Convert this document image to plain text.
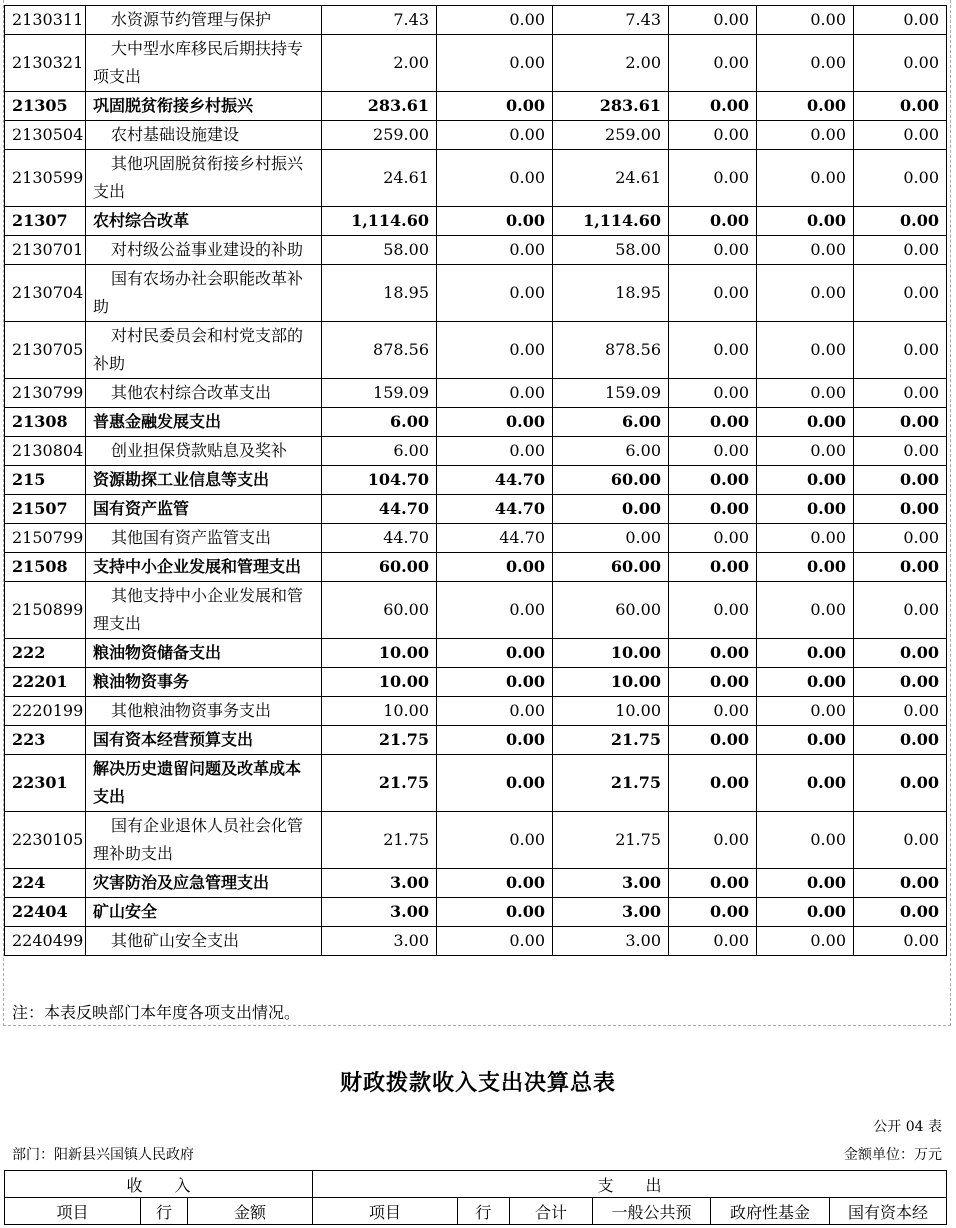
2130311	水资源节约管理与保护	7.43	0.00	7.43	0.00	0.00	0.00
2130321	大中型水库移民后期扶持专项支出	2.00	0.00	2.00	0.00	0.00	0.00
21305	巩固脱贫衔接乡村振兴	283.61	0.00	283.61	0.00	0.00	0.00
2130504	农村基础设施建设	259.00	0.00	259.00	0.00	0.00	0.00
2130599	其他巩固脱贫衔接乡村振兴支出	24.61	0.00	24.61	0.00	0.00	0.00
21307	农村综合改革	1,114.60	0.00	1,114.60	0.00	0.00	0.00
2130701	对村级公益事业建设的补助	58.00	0.00	58.00	0.00	0.00	0.00
2130704	国有农场办社会职能改革补助	18.95	0.00	18.95	0.00	0.00	0.00
2130705	对村民委员会和村党支部的补助	878.56	0.00	878.56	0.00	0.00	0.00
2130799	其他农村综合改革支出	159.09	0.00	159.09	0.00	0.00	0.00
21308	普惠金融发展支出	6.00	0.00	6.00	0.00	0.00	0.00
2130804	创业担保贷款贴息及奖补	6.00	0.00	6.00	0.00	0.00	0.00
215	资源勘探工业信息等支出	104.70	44.70	60.00	0.00	0.00	0.00
21507	国有资产监管	44.70	44.70	0.00	0.00	0.00	0.00
2150799	其他国有资产监管支出	44.70	44.70	0.00	0.00	0.00	0.00
21508	支持中小企业发展和管理支出	60.00	0.00	60.00	0.00	0.00	0.00
2150899	其他支持中小企业发展和管理支出	60.00	0.00	60.00	0.00	0.00	0.00
222	粮油物资储备支出	10.00	0.00	10.00	0.00	0.00	0.00
22201	粮油物资事务	10.00	0.00	10.00	0.00	0.00	0.00
2220199	其他粮油物资事务支出	10.00	0.00	10.00	0.00	0.00	0.00
223	国有资本经营预算支出	21.75	0.00	21.75	0.00	0.00	0.00
22301	解决历史遗留问题及改革成本支出	21.75	0.00	21.75	0.00	0.00	0.00
2230105	国有企业退休人员社会化管理补助支出	21.75	0.00	21.75	0.00	0.00	0.00
224	灾害防治及应急管理支出	3.00	0.00	3.00	0.00	0.00	0.00
22404	矿山安全	3.00	0.00	3.00	0.00	0.00	0.00
2240499	其他矿山安全支出	3.00	0.00	3.00	0.00	0.00	0.00
注：本表反映部门本年度各项支出情况。
财政拨款收入支出决算总表
公开 04 表
部门：阳新县兴国镇人民政府	金额单位：万元
收　　入			支　　出					
项目	行	金额	项目	行	合计	一般公共预	政府性基金	国有资本经
